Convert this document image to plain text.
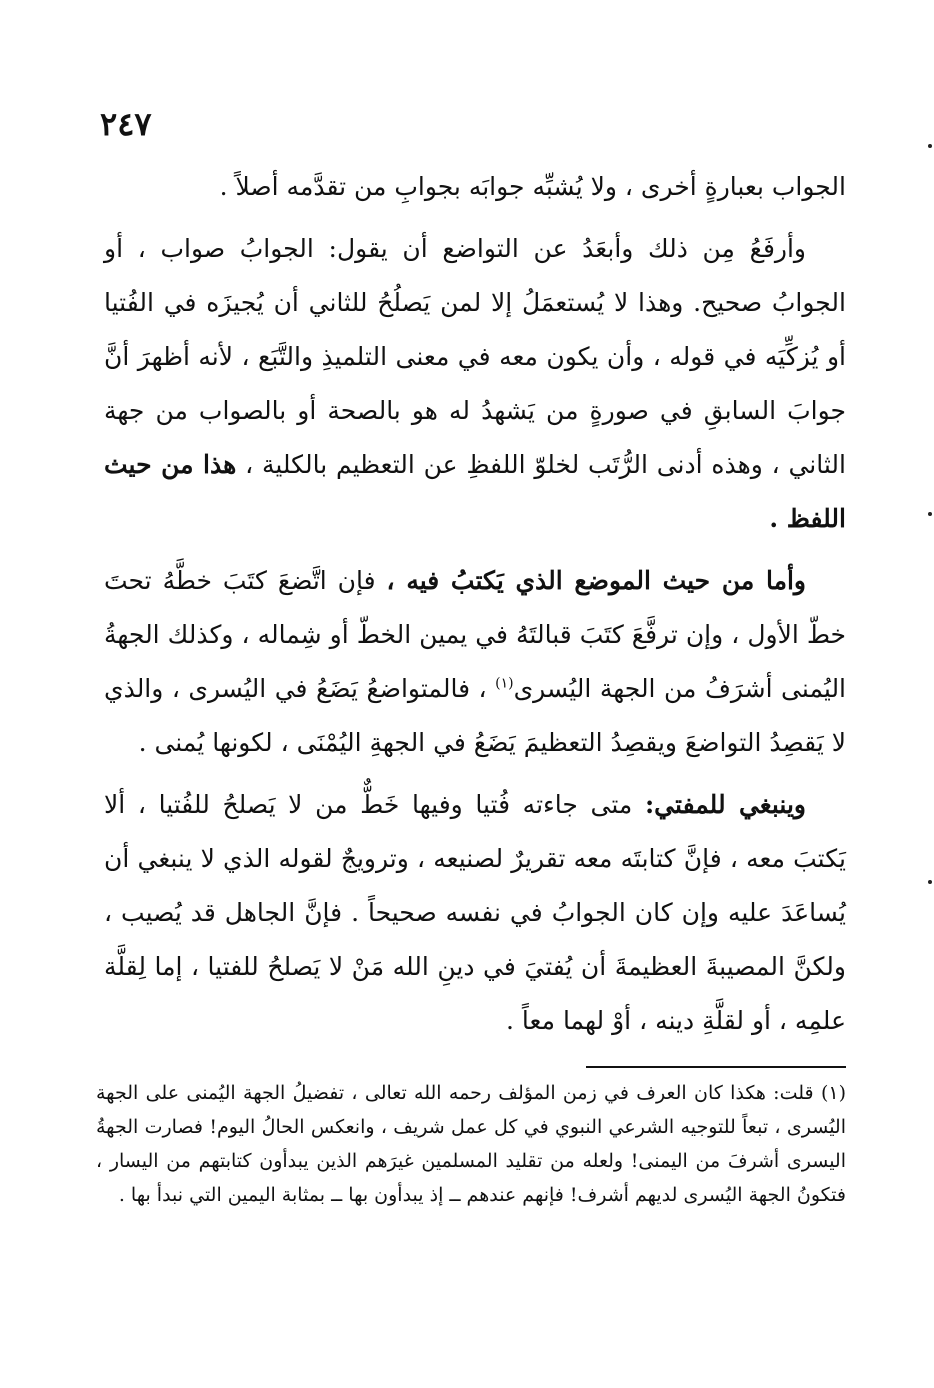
٢٤٧

الجواب بعبارةٍ أخرى ، ولا يُشبِّه جوابَه بجوابِ من تقدَّمه أصلاً .

وأرفَعُ مِن ذلك وأبعَدُ عن التواضع أن يقول: الجوابُ صواب ، أو الجوابُ صحيح. وهذا لا يُستعمَلُ إلا لمن يَصلُحُ للثاني أن يُجيزَه في الفُتيا أو يُزكِّيَه في قوله ، وأن يكون معه في معنى التلميذِ والتَّبَع ، لأنه أظهرَ أنَّ جوابَ السابقِ في صورةٍ من يَشهدُ له هو بالصحة أو بالصواب من جهة الثاني ، وهذه أدنى الرُّتَب لخلوّ اللفظِ عن التعظيم بالكلية ، هذا من حيث اللفظ .

وأما من حيث الموضع الذي يَكتبُ فيه ، فإن اتَّضعَ كتَبَ خطَّهُ تحتَ خطّ الأول ، وإن ترفَّعَ كتَبَ قبالتَهُ في يمين الخطّ أو شِماله ، وكذلك الجهةُ اليُمنى أشرَفُ من الجهة اليُسرى$^{(١)}$ ، فالمتواضعُ يَضَعُ في اليُسرى ، والذي لا يَقصِدُ التواضعَ ويقصِدُ التعظيمَ يَضَعُ في الجهةِ اليُمْنَى ، لكونها يُمنى .

وينبغي للمفتي: متى جاءته فُتيا وفيها خَطٌّ من لا يَصلحُ للفُتيا ، ألا يَكتبَ معه ، فإنَّ كتابتَه معه تقريرٌ لصنيعه ، وترويجٌ لقوله الذي لا ينبغي أن يُساعَدَ عليه وإن كان الجوابُ في نفسه صحيحاً . فإنَّ الجاهل قد يُصيب ، ولكنَّ المصيبةَ العظيمةَ أن يُفتيَ في دينِ الله مَنْ لا يَصلحُ للفتيا ، إما لِقلَّة علمِه ، أو لقلَّةِ دينه ، أوْ لهما معاً .

(١) قلت: هكذا كان العرف في زمن المؤلف رحمه الله تعالى ، تفضيلُ الجهة اليُمنى على الجهة اليُسرى ، تبعاً للتوجيه الشرعي النبوي في كل عمل شريف ، وانعكس الحالُ اليوم! فصارت الجهةُ اليسرى أشرفَ من اليمنى! ولعله من تقليد المسلمين غيرَهم الذين يبدأون كتابتهم من اليسار ، فتكونُ الجهة اليُسرى لديهم أشرف! فإنهم عندهم ــ إذ يبدأون بها ــ بمثابة اليمين التي نبدأ بها .
